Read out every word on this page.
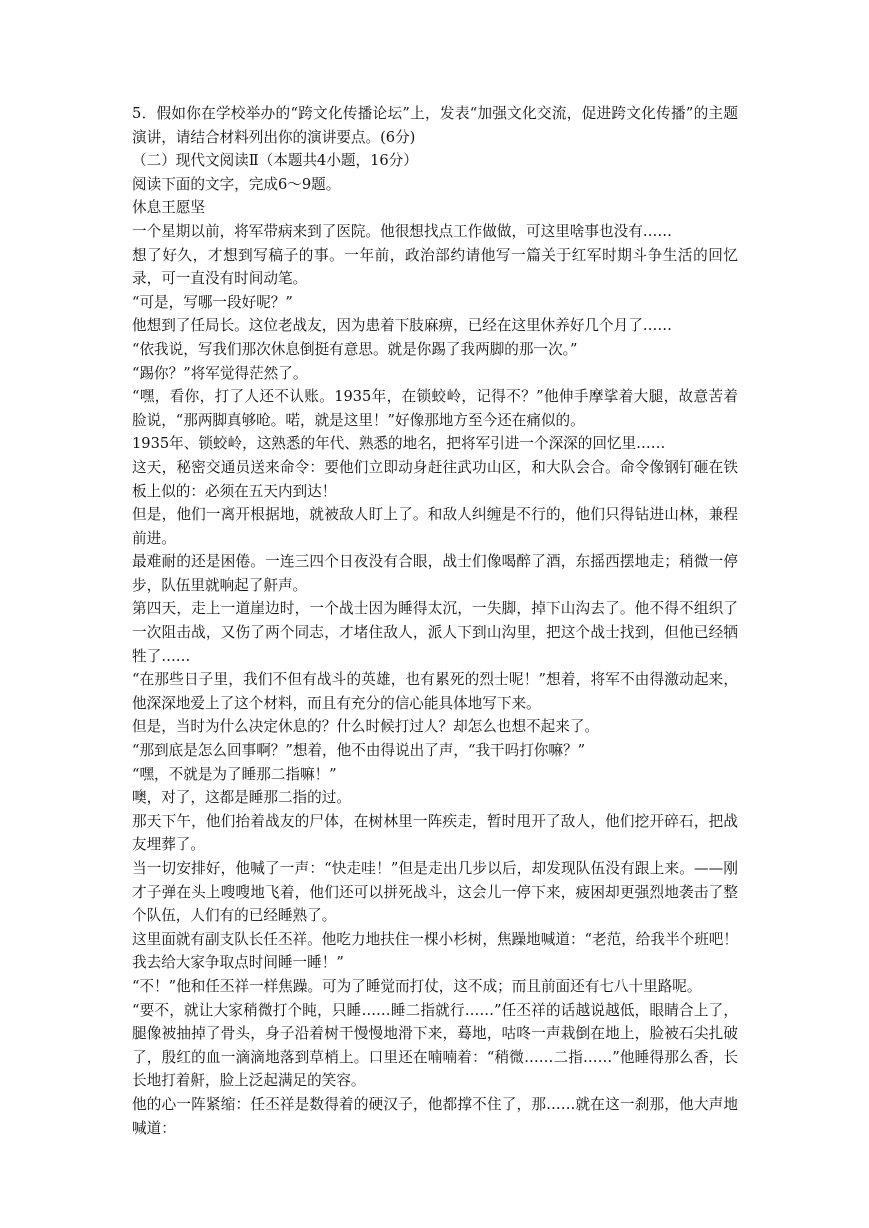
5．假如你在学校举办的“跨文化传播论坛”上，发表“加强文化交流，促进跨文化传播”的主题演讲，请结合材料列出你的演讲要点。(6分)

（二）现代文阅读Ⅱ（本题共4小题，16分）

阅读下面的文字，完成6～9题。

休息王愿坚

一个星期以前，将军带病来到了医院。他很想找点工作做做，可这里啥事也没有……

想了好久，才想到写稿子的事。一年前，政治部约请他写一篇关于红军时期斗争生活的回忆录，可一直没有时间动笔。

“可是，写哪一段好呢？”

他想到了任局长。这位老战友，因为患着下肢麻痹，已经在这里休养好几个月了……

“依我说，写我们那次休息倒挺有意思。就是你踢了我两脚的那一次。”

“踢你？”将军觉得茫然了。

“嘿，看你，打了人还不认账。1935年，在锁蛟岭，记得不？”他伸手摩挲着大腿，故意苦着脸说，“那两脚真够呛。喏，就是这里！”好像那地方至今还在痛似的。

1935年、锁蛟岭，这熟悉的年代、熟悉的地名，把将军引进一个深深的回忆里……

这天，秘密交通员送来命令：要他们立即动身赶往武功山区，和大队会合。命令像钢钉砸在铁板上似的：必须在五天内到达！

但是，他们一离开根据地，就被敌人盯上了。和敌人纠缠是不行的，他们只得钻进山林，兼程前进。

最难耐的还是困倦。一连三四个日夜没有合眼，战士们像喝醉了酒，东摇西摆地走；稍微一停步，队伍里就响起了鼾声。

第四天，走上一道崖边时，一个战士因为睡得太沉，一失脚，掉下山沟去了。他不得不组织了一次阻击战，又伤了两个同志，才堵住敌人，派人下到山沟里，把这个战士找到，但他已经牺牲了……

“在那些日子里，我们不但有战斗的英雄，也有累死的烈士呢！”想着，将军不由得激动起来，他深深地爱上了这个材料，而且有充分的信心能具体地写下来。

但是，当时为什么决定休息的？什么时候打过人？却怎么也想不起来了。

“那到底是怎么回事啊？”想着，他不由得说出了声，“我干吗打你嘛？”

“嘿，不就是为了睡那二指嘛！”

噢，对了，这都是睡那二指的过。

那天下午，他们抬着战友的尸体，在树林里一阵疾走，暂时甩开了敌人，他们挖开碎石，把战友埋葬了。

当一切安排好，他喊了一声：“快走哇！”但是走出几步以后，却发现队伍没有跟上来。——刚才子弹在头上嗖嗖地飞着，他们还可以拼死战斗，这会儿一停下来，疲困却更强烈地袭击了整个队伍，人们有的已经睡熟了。

这里面就有副支队长任丕祥。他吃力地扶住一棵小杉树，焦躁地喊道：“老范，给我半个班吧！我去给大家争取点时间睡一睡！”

“不！”他和任丕祥一样焦躁。可为了睡觉而打仗，这不成；而且前面还有七八十里路呢。

“要不，就让大家稍微打个盹，只睡……睡二指就行……”任丕祥的话越说越低，眼睛合上了，腿像被抽掉了骨头，身子沿着树干慢慢地滑下来，蓦地，咕咚一声栽倒在地上，脸被石尖扎破了，殷红的血一滴滴地落到草梢上。口里还在喃喃着：“稍微……二指……”他睡得那么香，长长地打着鼾，脸上泛起满足的笑容。

他的心一阵紧缩：任丕祥是数得着的硬汉子，他都撑不住了，那……就在这一刹那，他大声地喊道：
